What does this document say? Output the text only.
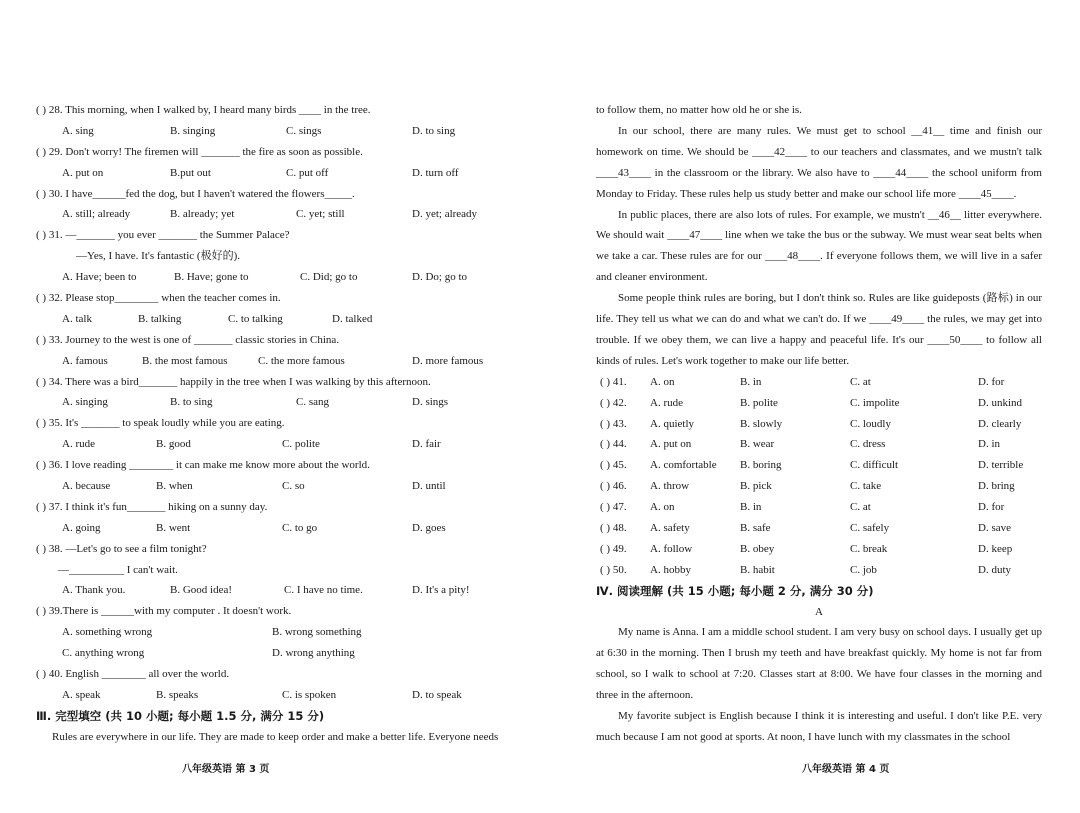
( ) 28. This morning, when I walked by, I heard many birds ____ in the tree.
A. sing	B. singing	C. sings	D. to sing
( ) 29. Don't worry! The firemen will _______ the fire as soon as possible.
A. put on	B.put out	C. put off	D. turn off
( ) 30. I have______fed the dog, but I haven't watered the flowers_____.
A. still; already	B. already; yet	C. yet; still	D. yet; already
( ) 31. —_______ you ever _______ the Summer Palace?
—Yes, I have. It's fantastic (极好的).
A. Have; been to	B. Have; gone to	C. Did; go to	D. Do; go to
( ) 32. Please stop________ when the teacher comes in.
A. talk	B. talking	C. to talking	D. talked
( ) 33. Journey to the west is one of _______ classic stories in China.
A. famous	B. the most famous	C. the more famous	D. more famous
( ) 34. There was a bird_______ happily in the tree when I was walking by this afternoon.
A. singing	B. to sing	C. sang	D. sings
( ) 35. It's _______ to speak loudly while you are eating.
A. rude	B. good	C. polite	D. fair
( ) 36. I love reading ________ it can make me know more about the world.
A. because	B. when	C. so	D. until
( ) 37. I think it's fun_______ hiking on a sunny day.
A. going	B. went	C. to go	D. goes
( ) 38. —Let's go to see a film tonight?
—__________ I can't wait.
A. Thank you.	B. Good idea!	C. I have no time.	D. It's a pity!
( ) 39.There is ______with my computer . It doesn't work.
A. something wrong	B. wrong something
C. anything wrong	D. wrong anything
( ) 40. English ________ all over the world.
A. speak	B. speaks	C. is spoken	D. to speak
Ⅲ. 完型填空 (共 10 小题; 每小题 1.5 分, 满分 15 分)
Rules are everywhere in our life. They are made to keep order and make a better life. Everyone needs
八年级英语 第 3 页
to follow them, no matter how old he or she is.
In our school, there are many rules. We must get to school __41__ time and finish our homework on time. We should be ____42____ to our teachers and classmates, and we mustn't talk ____43____ in the classroom or the library. We also have to ____44____ the school uniform from Monday to Friday. These rules help us study better and make our school life more ____45____.
In public places, there are also lots of rules. For example, we mustn't __46__ litter everywhere. We should wait ____47____ line when we take the bus or the subway. We must wear seat belts when we take a car. These rules are for our ____48____. If everyone follows them, we will live in a safer and cleaner environment.
Some people think rules are boring, but I don't think so. Rules are like guideposts (路标) in our life. They tell us what we can do and what we can't do. If we ____49____ the rules, we may get into trouble. If we obey them, we can live a happy and peaceful life. It's our ____50____ to follow all kinds of rules. Let's work together to make our life better.
( ) 41. A. on	B. in	C. at	D. for
( ) 42. A. rude	B. polite	C. impolite	D. unkind
( ) 43. A. quietly	B. slowly	C. loudly	D. clearly
( ) 44. A. put on	B. wear	C. dress	D. in
( ) 45. A. comfortable B. boring	C. difficult	D. terrible
( ) 46. A. throw	B. pick	C. take	D. bring
( ) 47. A. on	B. in	C. at	D. for
( ) 48. A. safety	B. safe	C. safely	D. save
( ) 49. A. follow	B. obey	C. break	D. keep
( ) 50. A. hobby	B. habit	C. job	D. duty
Ⅳ. 阅读理解 (共 15 小题; 每小题 2 分, 满分 30 分)
A
My name is Anna. I am a middle school student. I am very busy on school days. I usually get up at 6:30 in the morning. Then I brush my teeth and have breakfast quickly. My home is not far from school, so I walk to school at 7:20. Classes start at 8:00. We have four classes in the morning and three in the afternoon.
My favorite subject is English because I think it is interesting and useful. I don't like P.E. very much because I am not good at sports. At noon, I have lunch with my classmates in the school
八年级英语 第 4 页
